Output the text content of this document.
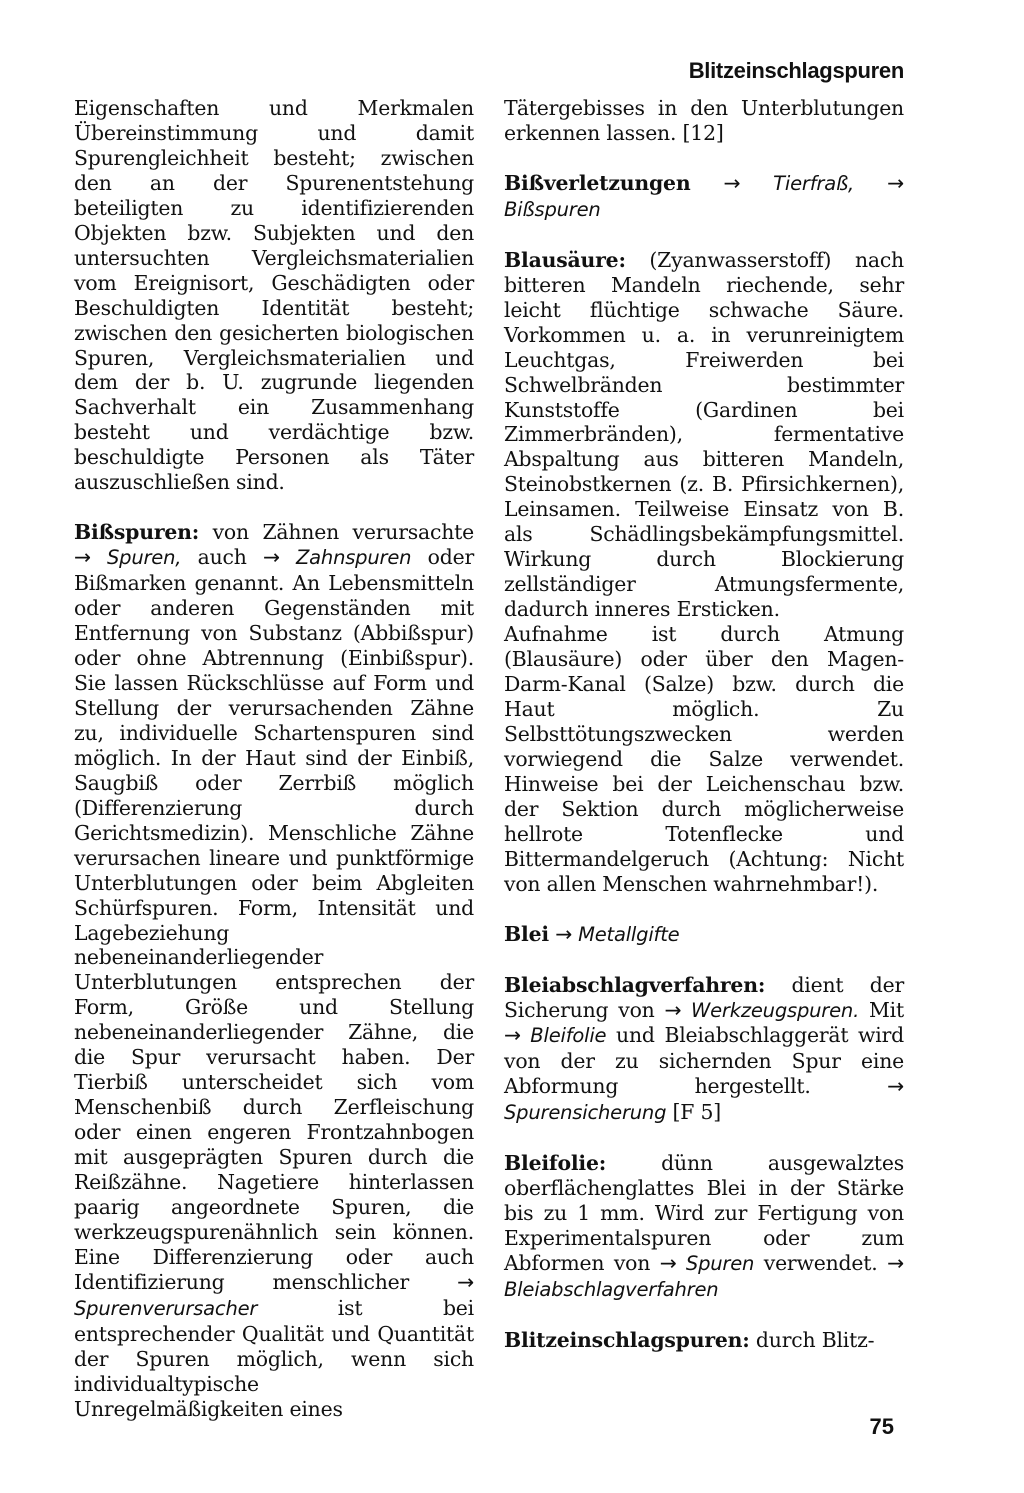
Blitzeinschlagspuren

Eigenschaften und Merkmalen Übereinstimmung und damit Spurengleichheit besteht; zwischen den an der Spurenentstehung beteiligten zu identifizierenden Objekten bzw. Subjekten und den untersuchten Vergleichsmaterialien vom Ereignisort, Geschädigten oder Beschuldigten Identität besteht; zwischen den gesicherten biologischen Spuren, Vergleichsmaterialien und dem der b. U. zugrunde liegenden Sachverhalt ein Zusammenhang besteht und verdächtige bzw. beschuldigte Personen als Täter auszuschließen sind.

Bißspuren: von Zähnen verursachte → Spuren, auch → Zahnspuren oder Bißmarken genannt. An Lebensmitteln oder anderen Gegenständen mit Entfernung von Substanz (Abbißspur) oder ohne Abtrennung (Einbißspur). Sie lassen Rückschlüsse auf Form und Stellung der verursachenden Zähne zu, individuelle Schartenspuren sind möglich. In der Haut sind der Einbiß, Saugbiß oder Zerrbiß möglich (Differenzierung durch Gerichtsmedizin). Menschliche Zähne verursachen lineare und punktförmige Unterblutungen oder beim Abgleiten Schürfspuren. Form, Intensität und Lagebeziehung nebeneinanderliegender Unterblutungen entsprechen der Form, Größe und Stellung nebeneinanderliegender Zähne, die die Spur verursacht haben. Der Tierbiß unterscheidet sich vom Menschenbiß durch Zerfleischung oder einen engeren Frontzahnbogen mit ausgeprägten Spuren durch die Reißzähne. Nagetiere hinterlassen paarig angeordnete Spuren, die werkzeugspurenähnlich sein können. Eine Differenzierung oder auch Identifizierung menschlicher → Spurenverursacher ist bei entsprechender Qualität und Quantität der Spuren möglich, wenn sich individualtypische Unregelmäßigkeiten eines

Tätergebisses in den Unterblutungen erkennen lassen. [12]

Bißverletzungen → Tierfraß, → Bißspuren

Blausäure: (Zyanwasserstoff) nach bitteren Mandeln riechende, sehr leicht flüchtige schwache Säure. Vorkommen u. a. in verunreinigtem Leuchtgas, Freiwerden bei Schwelbränden bestimmter Kunststoffe (Gardinen bei Zimmerbränden), fermentative Abspaltung aus bitteren Mandeln, Steinobstkernen (z. B. Pfirsichkernen), Leinsamen. Teilweise Einsatz von B. als Schädlingsbekämpfungsmittel. Wirkung durch Blockierung zellständiger Atmungsfermente, dadurch inneres Ersticken.

Aufnahme ist durch Atmung (Blausäure) oder über den Magen-Darm-Kanal (Salze) bzw. durch die Haut möglich. Zu Selbsttötungszwecken werden vorwiegend die Salze verwendet. Hinweise bei der Leichenschau bzw. der Sektion durch möglicherweise hellrote Totenflecke und Bittermandelgeruch (Achtung: Nicht von allen Menschen wahrnehmbar!).

Blei → Metallgifte

Bleiabschlagverfahren: dient der Sicherung von → Werkzeugspuren. Mit → Bleifolie und Bleiabschlaggerät wird von der zu sichernden Spur eine Abformung hergestellt. → Spurensicherung [F 5]

Bleifolie: dünn ausgewalztes oberflächenglattes Blei in der Stärke bis zu 1 mm. Wird zur Fertigung von Experimentalspuren oder zum Abformen von → Spuren verwendet. → Bleiabschlagverfahren

Blitzeinschlagspuren: durch Blitz-

75
